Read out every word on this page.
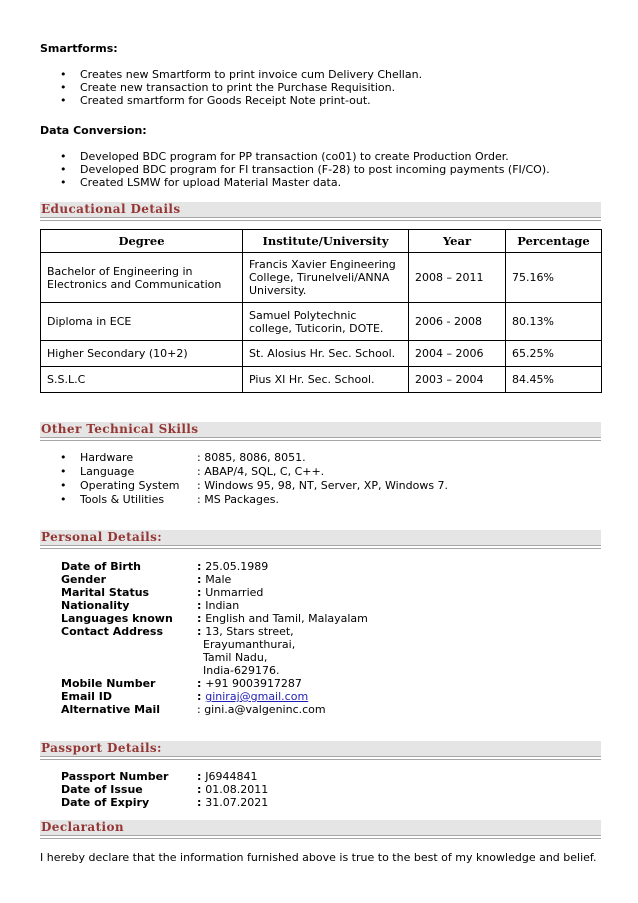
Smartforms:
• Creates new Smartform to print invoice cum Delivery Chellan.
• Create new transaction to print the Purchase Requisition.
• Created smartform for Goods Receipt Note print-out.
Data Conversion:
• Developed BDC program for PP transaction (co01) to create Production Order.
• Developed BDC program for FI transaction (F-28) to post incoming payments (FI/CO).
• Created LSMW for upload Material Master data.
Educational Details
Degree	Institute/University	Year	Percentage
Bachelor of Engineering in Electronics and Communication	Francis Xavier Engineering College, Tirunelveli/ANNA University.	2008 – 2011	75.16%
Diploma in ECE	Samuel Polytechnic college, Tuticorin, DOTE.	2006 - 2008	80.13%
Higher Secondary (10+2)	St. Alosius Hr. Sec. School.	2004 – 2006	65.25%
S.S.L.C	Pius XI Hr. Sec. School.	2003 – 2004	84.45%
Other Technical Skills
Hardware	: 8085, 8086, 8051.
Language	: ABAP/4, SQL, C, C++.
Operating System : Windows 95, 98, NT, Server, XP, Windows 7.
Tools & Utilities	: MS Packages.
Personal Details:
Date of Birth	: 25.05.1989
Gender	: Male
Marital Status	: Unmarried
Nationality	: Indian
Languages known : English and Tamil, Malayalam
Contact Address	: 13, Stars street,
Erayumanthurai,
Tamil Nadu,
India-629176.
Mobile Number	: +91 9003917287
Email ID	: giniraj@gmail.com
Alternative Mail	: gini.a@valgeninc.com
Passport Details:
Passport Number	: J6944841
Date of Issue	: 01.08.2011
Date of Expiry	: 31.07.2021
Declaration
I hereby declare that the information furnished above is true to the best of my knowledge and belief.
